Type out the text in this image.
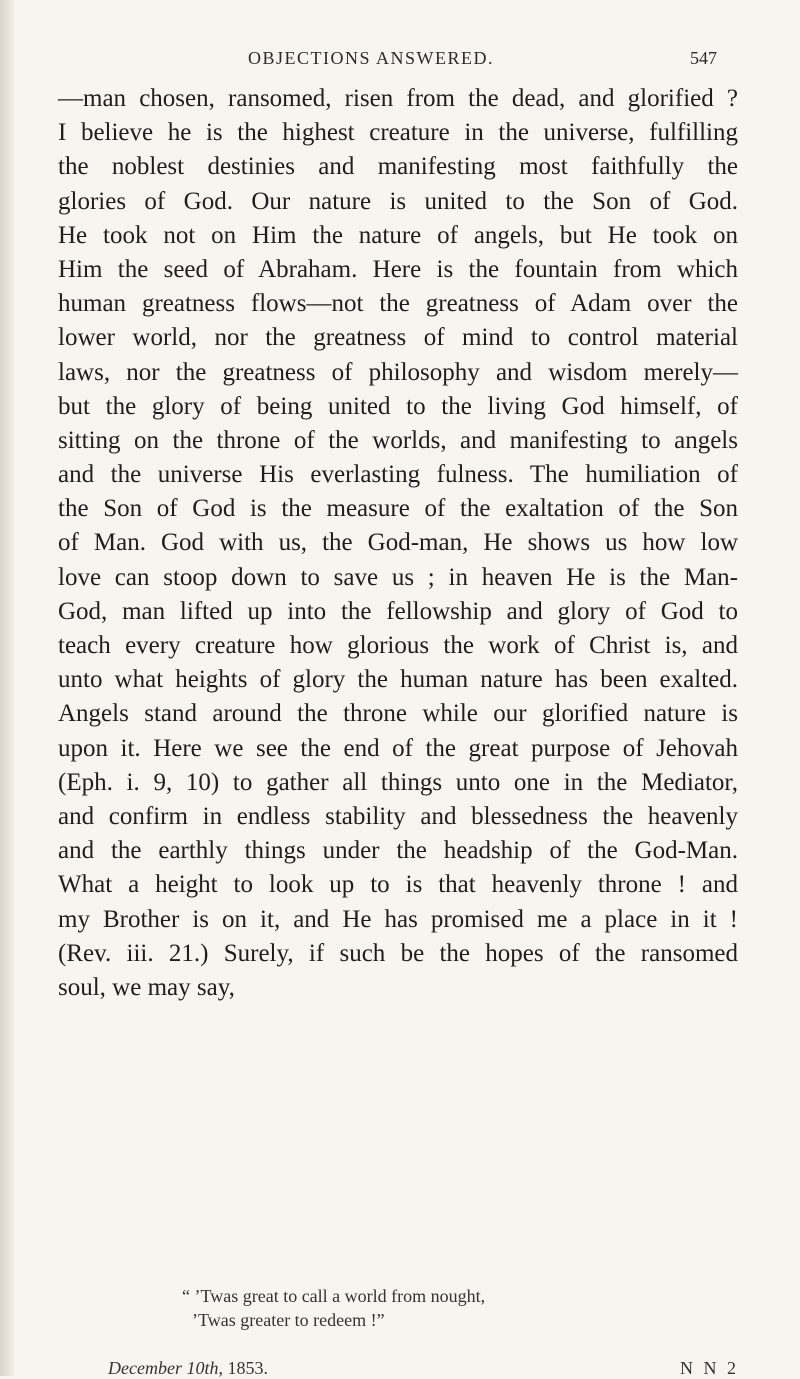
OBJECTIONS ANSWERED.	547
—man chosen, ransomed, risen from the dead, and glorified ?
I believe he is the highest creature in the universe, fulfilling
the noblest destinies and manifesting most faithfully the
glories of God. Our nature is united to the Son of God.
He took not on Him the nature of angels, but He took on
Him the seed of Abraham. Here is the fountain from which
human greatness flows—not the greatness of Adam over the
lower world, nor the greatness of mind to control material
laws, nor the greatness of philosophy and wisdom merely—
but the glory of being united to the living God himself, of
sitting on the throne of the worlds, and manifesting to angels
and the universe His everlasting fulness. The humiliation of
the Son of God is the measure of the exaltation of the Son
of Man. God with us, the God-man, He shows us how low
love can stoop down to save us ; in heaven He is the Man-
God, man lifted up into the fellowship and glory of God to
teach every creature how glorious the work of Christ is, and
unto what heights of glory the human nature has been exalted.
Angels stand around the throne while our glorified nature is
upon it. Here we see the end of the great purpose of Jehovah
(Eph. i. 9, 10) to gather all things unto one in the Mediator,
and confirm in endless stability and blessedness the heavenly
and the earthly things under the headship of the God-Man.
What a height to look up to is that heavenly throne ! and
my Brother is on it, and He has promised me a place in it !
(Rev. iii. 21.) Surely, if such be the hopes of the ransomed
soul, we may say,
“ ’Twas great to call a world from nought,
’Twas greater to redeem !”
December 10th, 1853.	N N 2
